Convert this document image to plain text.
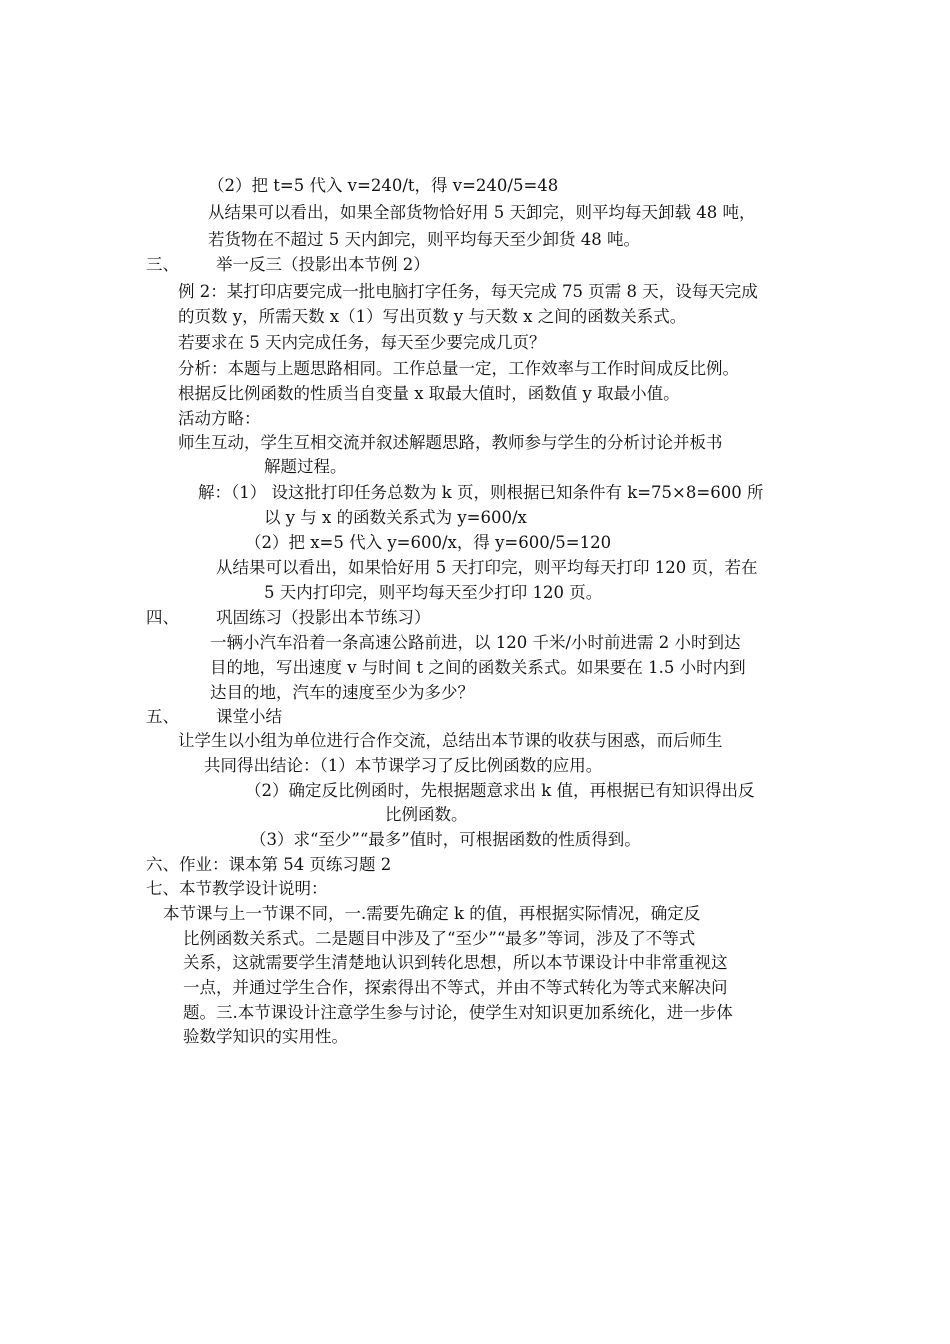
（2）把 t=5 代入 v=240/t，得 v=240/5=48
从结果可以看出，如果全部货物恰好用 5 天卸完，则平均每天卸载 48 吨，
若货物在不超过 5 天内卸完，则平均每天至少卸货 48 吨。
三、 举一反三（投影出本节例 2）
例 2：某打印店要完成一批电脑打字任务，每天完成 75 页需 8 天，设每天完成
的页数 y，所需天数 x（1）写出页数 y 与天数 x 之间的函数关系式。
若要求在 5 天内完成任务，每天至少要完成几页？
分析：本题与上题思路相同。工作总量一定，工作效率与工作时间成反比例。
根据反比例函数的性质当自变量 x 取最大值时，函数值 y 取最小值。
活动方略：
师生互动，学生互相交流并叙述解题思路，教师参与学生的分析讨论并板书
解题过程。
解：（1） 设这批打印任务总数为 k 页，则根据已知条件有 k=75×8=600 所
以 y 与 x 的函数关系式为 y=600/x
（2）把 x=5 代入 y=600/x，得 y=600/5=120
从结果可以看出，如果恰好用 5 天打印完，则平均每天打印 120 页，若在
5 天内打印完，则平均每天至少打印 120 页。
四、 巩固练习（投影出本节练习）
一辆小汽车沿着一条高速公路前进，以 120 千米/小时前进需 2 小时到达
目的地，写出速度 v 与时间 t 之间的函数关系式。如果要在 1.5 小时内到
达目的地，汽车的速度至少为多少？
五、 课堂小结
让学生以小组为单位进行合作交流，总结出本节课的收获与困惑，而后师生
共同得出结论：（1）本节课学习了反比例函数的应用。
（2）确定反比例函时，先根据题意求出 k 值，再根据已有知识得出反
比例函数。
（3）求“至少”“最多”值时，可根据函数的性质得到。
六、作业：课本第 54 页练习题 2
七、本节教学设计说明：
本节课与上一节课不同，一.需要先确定 k 的值，再根据实际情况，确定反
比例函数关系式。二是题目中涉及了“至少”“最多”等词，涉及了不等式
关系，这就需要学生清楚地认识到转化思想，所以本节课设计中非常重视这
一点，并通过学生合作，探索得出不等式，并由不等式转化为等式来解决问
题。三.本节课设计注意学生参与讨论，使学生对知识更加系统化，进一步体
验数学知识的实用性。
